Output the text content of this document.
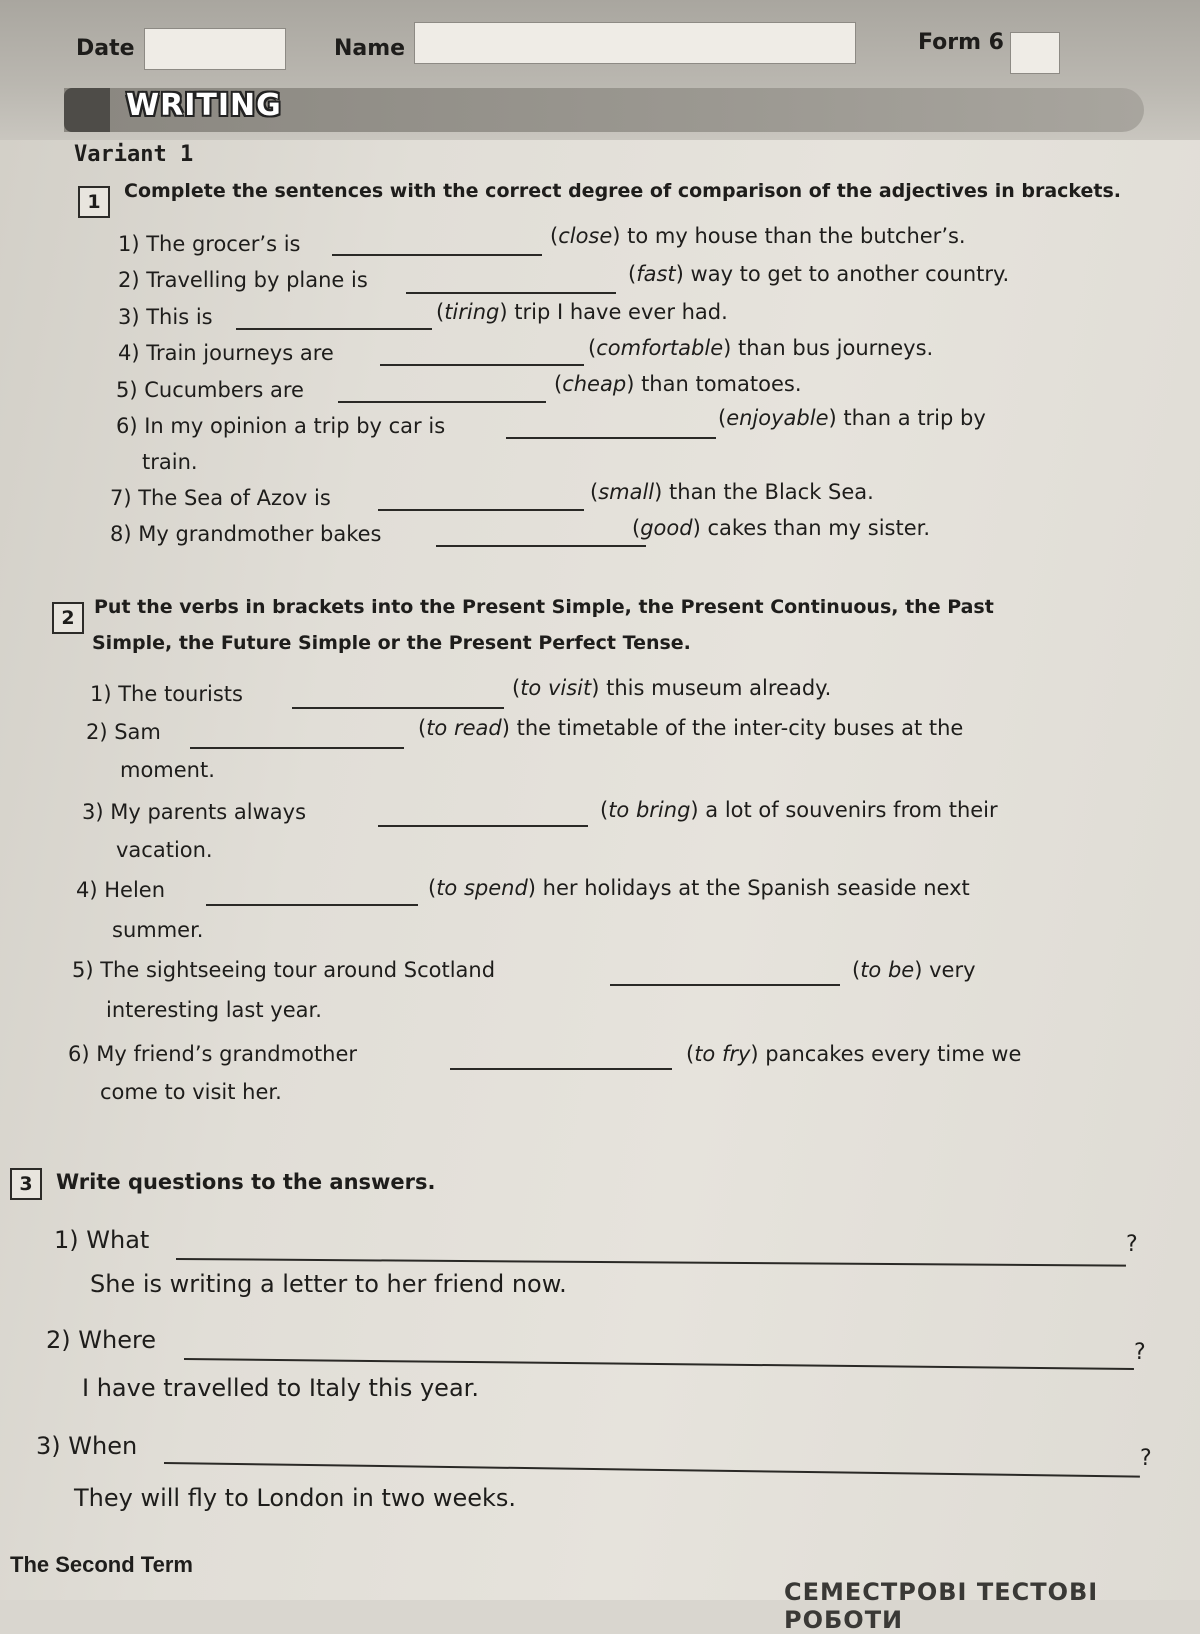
Date	Name	Form 6
WRITING
Variant 1
1	Complete the sentences with the correct degree of comparison of the adjectives in brackets.
1) The grocer’s is	(close) to my house than the butcher’s.
2) Travelling by plane is	(fast) way to get to another country.
3) This is	(tiring) trip I have ever had.
4) Train journeys are	(comfortable) than bus journeys.
5) Cucumbers are	(cheap) than tomatoes.
6) In my opinion a trip by car is	(enjoyable) than a trip by
train.
7) The Sea of Azov is	(small) than the Black Sea.
8) My grandmother bakes	(good) cakes than my sister.
2	Put the verbs in brackets into the Present Simple, the Present Continuous, the Past
Simple, the Future Simple or the Present Perfect Tense.
1) The tourists	(to visit) this museum already.
2) Sam	(to read) the timetable of the inter-city buses at the
moment.
3) My parents always	(to bring) a lot of souvenirs from their
vacation.
4) Helen	(to spend) her holidays at the Spanish seaside next
summer.
5) The sightseeing tour around Scotland	(to be) very
interesting last year.
6) My friend’s grandmother	(to fry) pancakes every time we
come to visit her.
3	Write questions to the answers.
1) What	?
She is writing a letter to her friend now.
2) Where	?
I have travelled to Italy this year.
3) When	?
They will fly to London in two weeks.
The Second Term
СЕМЕСТРОВІ ТЕСТОВІ РОБОТИ
